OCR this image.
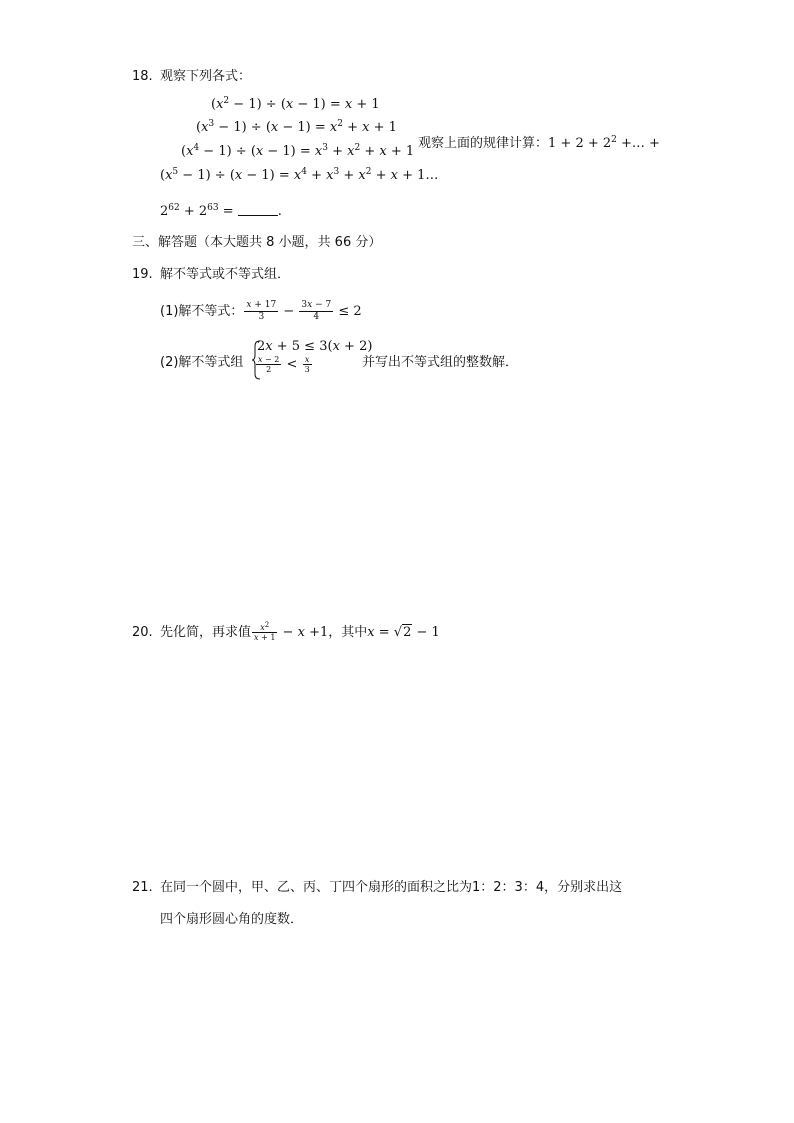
18. 观察下列各式：
$(x^2 - 1) \div (x - 1) = x + 1$
$(x^3 - 1) \div (x - 1) = x^2 + x + 1$
$(x^4 - 1) \div (x - 1) = x^3 + x^2 + x + 1$
观察上面的规律计算：$1 + 2 + 2^2$ +… +
$(x^5 - 1) \div (x - 1) = x^4 + x^3 + x^2 + x$ + 1…
$2^{62} + 2^{63}$ =	.
三、解答题（本大题共 8 小题，共 66 分）
19. 解不等式或不等式组．
(1)解不等式： $\frac{x + 17}{3} - \frac{3x - 7}{4} \le 2$
(2)解不等式组
2x + 5 ≤ 3(x + 2)
$\frac{x - 2}{2} < \frac{x}{3}$	并写出不等式组的整数解．
20. 先化简，再求值 $\frac{x^2}{x + 1} - x +1$，其中x = √2 − 1
21. 在同一个圆中，甲、乙、丙、丁四个扇形的面积之比为1：2：3：4，分别求出这
四个扇形圆心角的度数．
